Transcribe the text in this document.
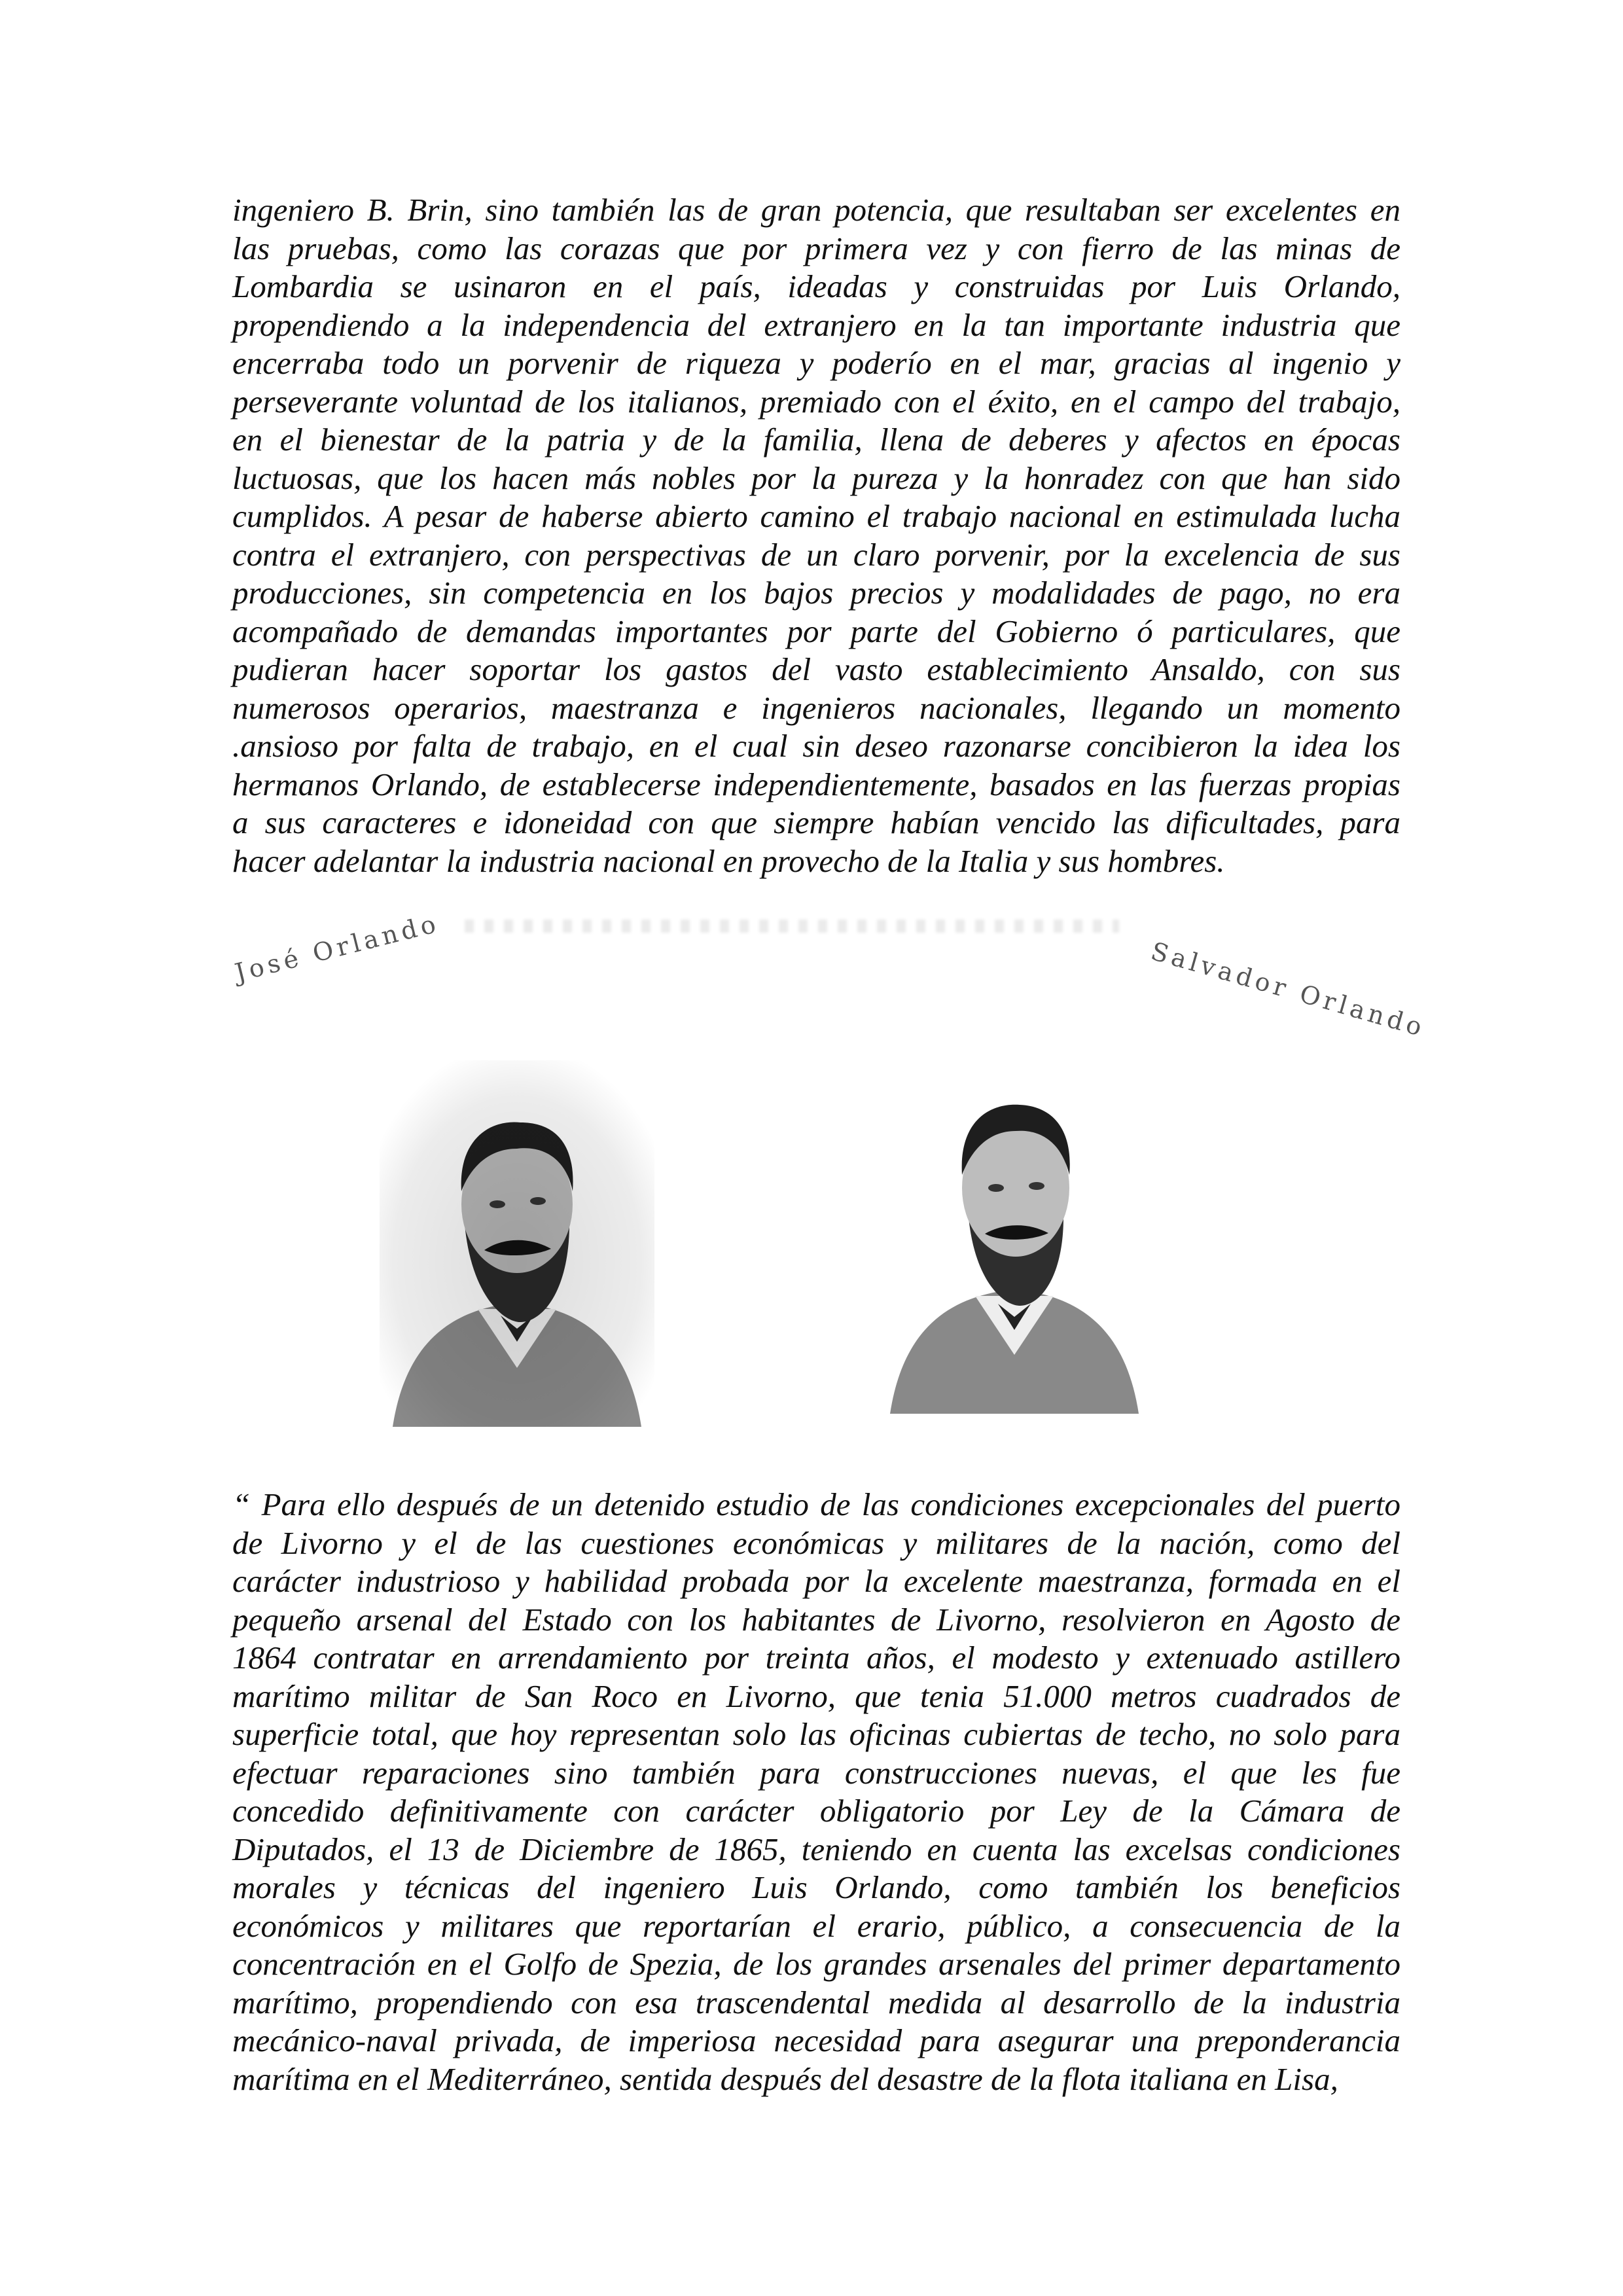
ingeniero B. Brin, sino también las de gran potencia, que resultaban ser excelentes en
las pruebas, como las corazas que por primera vez y con fierro de las minas de
Lombardia se usinaron en el país, ideadas y construidas por Luis Orlando,
propendiendo a la independencia del extranjero en la tan importante industria que
encerraba todo un porvenir de riqueza y poderío en el mar, gracias al ingenio y
perseverante voluntad de los italianos, premiado con el éxito, en el campo del trabajo,
en el bienestar de la patria y de la familia, llena de deberes y afectos en épocas
luctuosas, que los hacen más nobles por la pureza y la honradez con que han sido
cumplidos. A pesar de haberse abierto camino el trabajo nacional en estimulada lucha
contra el extranjero, con perspectivas de un claro porvenir, por la excelencia de sus
producciones, sin competencia en los bajos precios y modalidades de pago, no era
acompañado de demandas importantes por parte del Gobierno ó particulares, que
pudieran hacer soportar los gastos del vasto establecimiento Ansaldo, con sus
numerosos operarios, maestranza e ingenieros nacionales, llegando un momento
.ansioso por falta de trabajo, en el cual sin deseo razonarse concibieron la idea los
hermanos Orlando, de establecerse independientemente, basados en las fuerzas propias
a sus caracteres e idoneidad con que siempre habían vencido las dificultades, para
hacer adelantar la industria nacional en provecho de la Italia y sus hombres.
José Orlando	Salvador Orlando
“ Para ello después de un detenido estudio de las condiciones excepcionales del puerto
de Livorno y el de las cuestiones económicas y militares de la nación, como del
carácter industrioso y habilidad probada por la excelente maestranza, formada en el
pequeño arsenal del Estado con los habitantes de Livorno, resolvieron en Agosto de
1864 contratar en arrendamiento por treinta años, el modesto y extenuado astillero
marítimo militar de San Roco en Livorno, que tenia 51.000 metros cuadrados de
superficie total, que hoy representan solo las oficinas cubiertas de techo, no solo para
efectuar reparaciones sino también para construcciones nuevas, el que les fue
concedido definitivamente con carácter obligatorio por Ley de la Cámara de
Diputados, el 13 de Diciembre de 1865, teniendo en cuenta las excelsas condiciones
morales y técnicas del ingeniero Luis Orlando, como también los beneficios
económicos y militares que reportarían el erario, público, a consecuencia de la
concentración en el Golfo de Spezia, de los grandes arsenales del primer departamento
marítimo, propendiendo con esa trascendental medida al desarrollo de la industria
mecánico-naval privada, de imperiosa necesidad para asegurar una preponderancia
marítima en el Mediterráneo, sentida después del desastre de la flota italiana en Lisa,
